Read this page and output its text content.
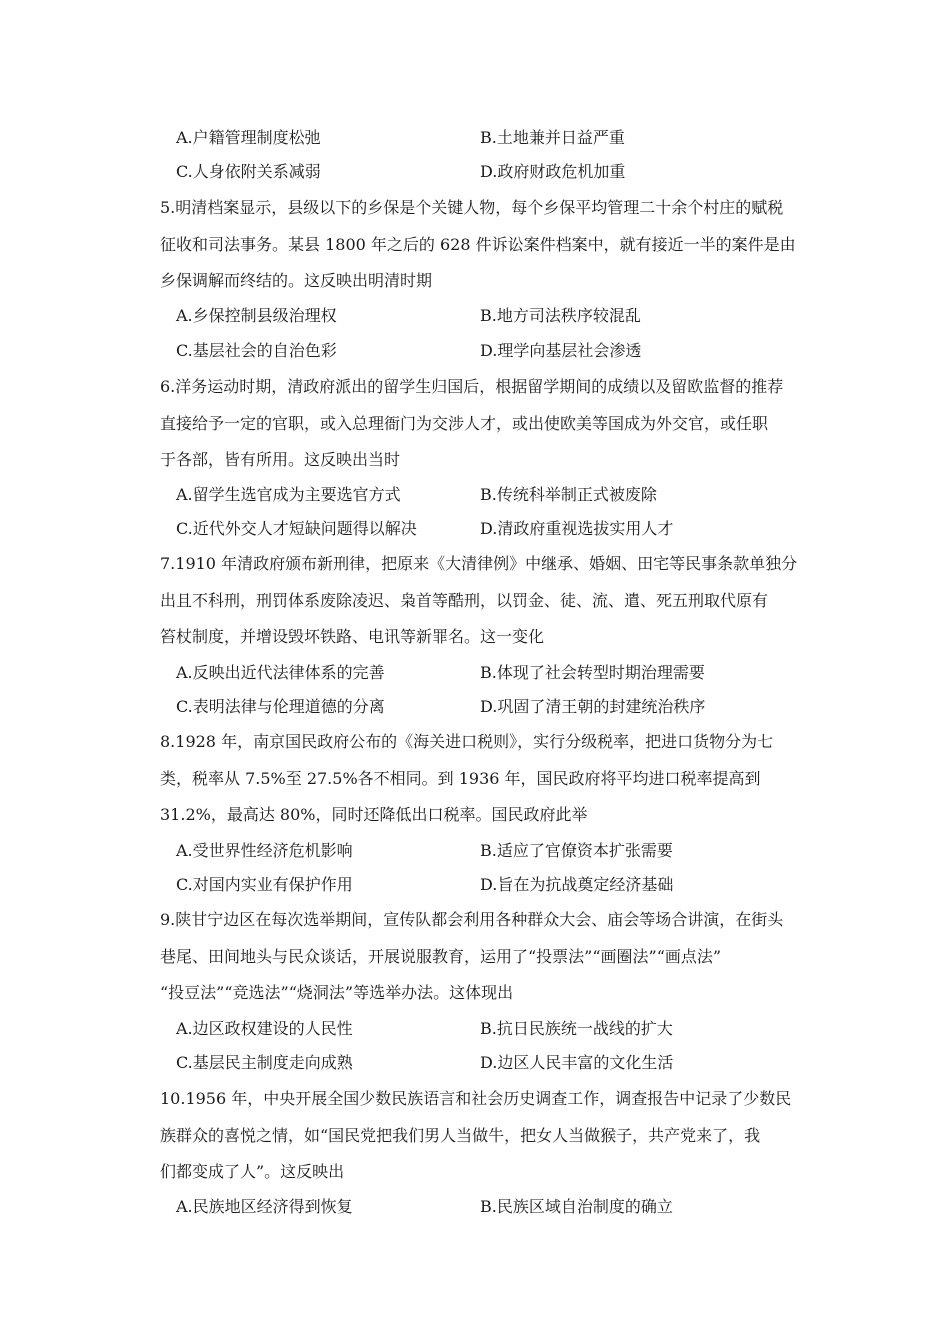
A.户籍管理制度松弛	B.土地兼并日益严重
C.人身依附关系减弱	D.政府财政危机加重
5.明清档案显示，县级以下的乡保是个关键人物，每个乡保平均管理二十余个村庄的赋税
征收和司法事务。某县 1800 年之后的 628 件诉讼案件档案中，就有接近一半的案件是由
乡保调解而终结的。这反映出明清时期
A.乡保控制县级治理权	B.地方司法秩序较混乱
C.基层社会的自治色彩	D.理学向基层社会渗透
6.洋务运动时期，清政府派出的留学生归国后，根据留学期间的成绩以及留欧监督的推荐
直接给予一定的官职，或入总理衙门为交涉人才，或出使欧美等国成为外交官，或任职
于各部，皆有所用。这反映出当时
A.留学生选官成为主要选官方式	B.传统科举制正式被废除
C.近代外交人才短缺问题得以解决	D.清政府重视选拔实用人才
7.1910 年清政府颁布新刑律，把原来《大清律例》中继承、婚姻、田宅等民事条款单独分
出且不科刑，刑罚体系废除凌迟、枭首等酷刑，以罚金、徒、流、遣、死五刑取代原有
笞杖制度，并增设毁坏铁路、电讯等新罪名。这一变化
A.反映出近代法律体系的完善	B.体现了社会转型时期治理需要
C.表明法律与伦理道德的分离	D.巩固了清王朝的封建统治秩序
8.1928 年，南京国民政府公布的《海关进口税则》，实行分级税率，把进口货物分为七
类，税率从 7.5%至 27.5%各不相同。到 1936 年，国民政府将平均进口税率提高到
31.2%，最高达 80%，同时还降低出口税率。国民政府此举
A.受世界性经济危机影响	B.适应了官僚资本扩张需要
C.对国内实业有保护作用	D.旨在为抗战奠定经济基础
9.陕甘宁边区在每次选举期间，宣传队都会利用各种群众大会、庙会等场合讲演，在街头
巷尾、田间地头与民众谈话，开展说服教育，运用了“投票法”“画圈法”“画点法”
“投豆法”“竞选法”“烧洞法”等选举办法。这体现出
A.边区政权建设的人民性	B.抗日民族统一战线的扩大
C.基层民主制度走向成熟	D.边区人民丰富的文化生活
10.1956 年，中央开展全国少数民族语言和社会历史调查工作，调查报告中记录了少数民
族群众的喜悦之情，如“国民党把我们男人当做牛，把女人当做猴子，共产党来了，我
们都变成了人”。这反映出
A.民族地区经济得到恢复	B.民族区域自治制度的确立
